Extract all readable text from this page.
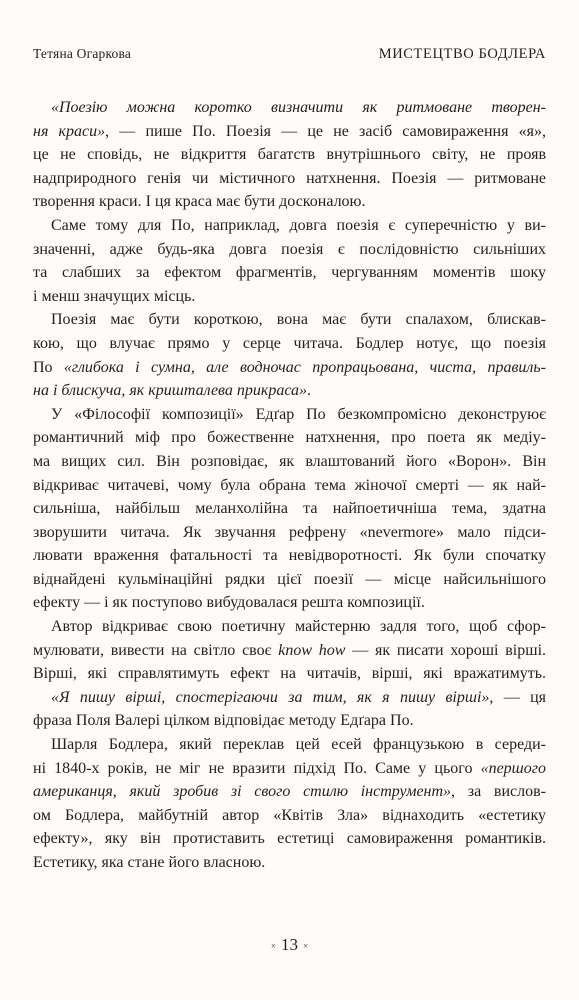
Тетяна Огаркова	МИСТЕЦТВО БОДЛЕРА
«Поезію можна коротко визначити як ритмоване творен-
ня краси», — пише По. Поезія — це не засіб самовираження «я»,
це не сповідь, не відкриття багатств внутрішнього світу, не прояв
надприродного генія чи містичного натхнення. Поезія — ритмоване
творення краси. І ця краса має бути досконалою.
Саме тому для По, наприклад, довга поезія є суперечністю у ви-
значенні, адже будь-яка довга поезія є послідовністю сильніших
та слабших за ефектом фрагментів, чергуванням моментів шоку
і менш значущих місць.
Поезія має бути короткою, вона має бути спалахом, блискав-
кою, що влучає прямо у серце читача. Бодлер нотує, що поезія
По «глибока і сумна, але водночас пропрацьована, чиста, правиль-
на і блискуча, як кришталева прикраса».
У «Філософії композиції» Едґар По безкомпромісно деконструює
романтичний міф про божественне натхнення, про поета як медіу-
ма вищих сил. Він розповідає, як влаштований його «Ворон». Він
відкриває читачеві, чому була обрана тема жіночої смерті — як най-
сильніша, найбільш меланхолійна та найпоетичніша тема, здатна
зворушити читача. Як звучання рефрену «nevermore» мало підси-
лювати враження фатальності та невідворотності. Як були спочатку
віднайдені кульмінаційні рядки цієї поезії — місце найсильнішого
ефекту — і як поступово вибудовалася решта композиції.
Автор відкриває свою поетичну майстерню задля того, щоб сфор-
мулювати, вивести на світло своє know how — як писати хороші вірші.
Вірші, які справлятимуть ефект на читачів, вірші, які вражатимуть.
«Я пишу вірші, спостерігаючи за тим, як я пишу вірші», — ця
фраза Поля Валері цілком відповідає методу Едґара По.
Шарля Бодлера, який переклав цей есей французькою в середи-
ні 1840-х років, не міг не вразити підхід По. Саме у цього «першого
американця, який зробив зі свого стилю інструмент», за вислов-
ом Бодлера, майбутній автор «Квітів Зла» віднаходить «естетику
ефекту», яку він протиставить естетиці самовираження романтиків.
Естетику, яка стане його власною.
× 13 ×
